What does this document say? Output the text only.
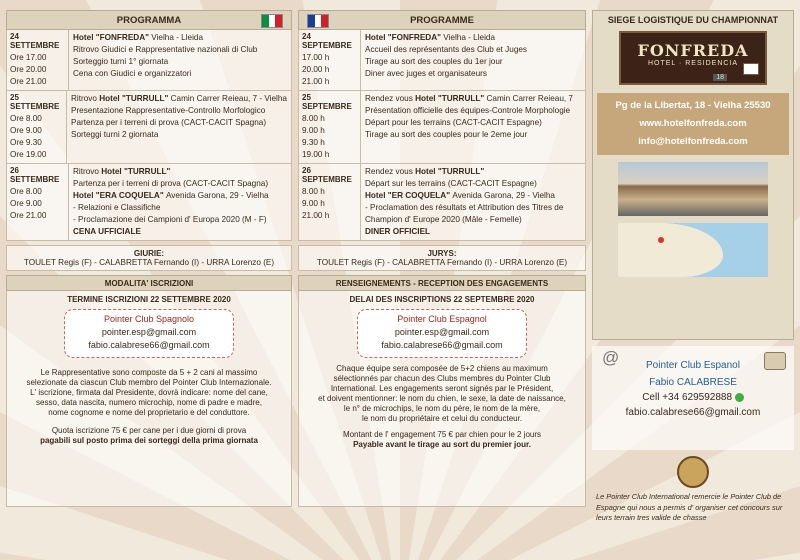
PROGRAMMA
24 SETTEMBRE
Ore 17.00
Ore 20.00
Ore 21.00
Hotel "FONFREDA" Vielha - Lleida
Ritrovo Giudici e Rappresentative nazionali di Club
Sorteggio turni 1° giornata
Cena con Giudici e organizzatori
25 SETTEMBRE
Ore 8.00
Ore 9.00
Ore 9.30
Ore 19.00
Ritrovo Hotel "TURRULL" Camin Carrer Reieau, 7 - Vielha
Presentazione Rappresentative-Controllo Morfologico
Partenza per i terreni di prova (CACT-CACIT Spagna)
Sorteggi turni 2 giornata
26 SETTEMBRE
Ore 8.00
Ore 9.00
Ore 21.00
Ritrovo Hotel "TURRULL"
Partenza per i terreni di prova (CACT-CACIT Spagna)
Hotel "ERA COQUELA" Avenida Garona, 29 - Vielha
- Relazioni e Classifiche
- Proclamazione dei Campioni d' Europa 2020 (M - F)
CENA UFFICIALE
GIURIE:
TOULET Regis (F) - CALABRETTA Fernando (I) - URRA Lorenzo (E)
MODALITA' ISCRIZIONI
TERMINE ISCRIZIONI 22 SETTEMBRE 2020
Pointer Club Spagnolo
pointer.esp@gmail.com
fabio.calabrese66@gmail.com
Le Rappresentative sono composte da 5 + 2 cani al massimo
selezionate da ciascun Club membro del Pointer Club Internazionale.
L' iscrizione, firmata dal Presidente, dovrà indicare: nome del cane,
sesso, data nascita, numero microchip, nome di padre e madre,
nome cognome e nome del proprietario e del conduttore.
Quota iscrizione 75 € per cane per i due giorni di prova
pagabili sul posto prima dei sorteggi della prima giornata
PROGRAMME
24 SEPTEMBRE
17.00 h
20.00 h
21.00 h
Hotel "FONFREDA" Vielha - Lleida
Accueil des représentants des Club et Juges
Tirage au sort des couples du 1er jour
Diner avec juges et organisateurs
25 SEPTEMBRE
8.00 h
9.00 h
9.30 h
19.00 h
Rendez vous Hotel "TURRULL" Camin Carrer Reieau, 7
Présentation officielle des équipes-Controle Morphologie
Départ pour les terrains (CACT-CACIT Espagne)
Tirage au sort des couples pour le 2eme jour
26 SEPTEMBRE
8.00 h
9.00 h
21.00 h
Rendez vous Hotel "TURRULL"
Départ sur les terrains (CACT-CACIT Espagne)
Hotel "ER COQUELA" Avenida Garona, 29 - Vielha
- Proclamation des résultats et Attribution des Titres de
Champion d' Europe 2020 (Mâle - Femelle)
DINER OFFICIEL
JURYS:
TOULET Regis (F) - CALABRETTA Fernando (I) - URRA Lorenzo (E)
RENSEIGNEMENTS - RECEPTION DES ENGAGEMENTS
DELAI DES INSCRIPTIONS 22 SEPTEMBRE 2020
Pointer Club Espagnol
pointer.esp@gmail.com
fabio.calabrese66@gmail.com
Chaque équipe sera composée de 5+2 chiens au maximum
sélectionnés par chacun des Clubs membres du Pointer Club
International. Les engagements seront signés par le Président,
et doivent mentionner: le nom du chien, le sexe, la date de naissance,
le n° de microchips, le nom du père, le nom de la mère,
le nom du propriétaire et celui du conducteur.
Montant de l' engagement 75 € par chien pour le 2 jours
Payable avant le tirage au sort du premier jour.
SIEGE LOGISTIQUE DU CHAMPIONNAT
FONFREDA
HOTEL · RESIDENCIA
18
Pg de la Libertat, 18 - Vielha 25530
www.hotelfonfreda.com
info@hotelfonfreda.com
@	Pointer Club Espanol
Fabio CALABRESE
Cell +34 629592888
fabio.calabrese66@gmail.com
Le Pointer Club International remercie le Pointer Club de Espagne qui nous a permis d' organiser cet concours sur leurs terrain tres valide de chasse
